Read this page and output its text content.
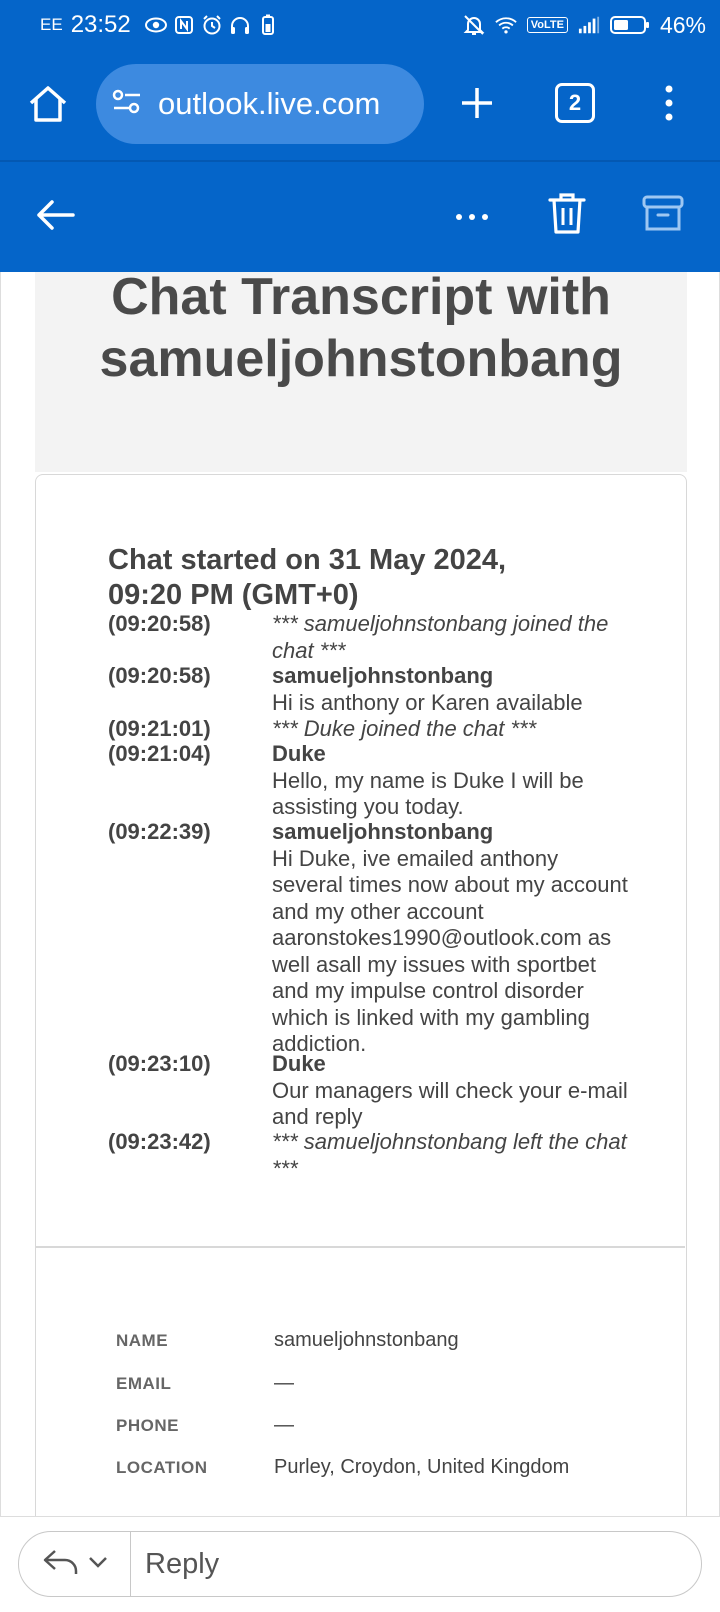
EE 23:52	VoLTE	46%
outlook.live.com	2
Chat Transcript with samueljohnstonbang
Chat started on 31 May 2024, 09:20 PM (GMT+0)
(09:20:58)	*** samueljohnstonbang joined the chat ***
(09:20:58)	samueljohnstonbang
Hi is anthony or Karen available
(09:21:01)	*** Duke joined the chat ***
(09:21:04)	Duke
Hello, my name is Duke I will be assisting you today.
(09:22:39)	samueljohnstonbang
Hi Duke, ive emailed anthony several times now about my account and my other account aaronstokes1990@outlook.com as well asall my issues with sportbet and my impulse control disorder which is linked with my gambling addiction.
(09:23:10)	Duke
Our managers will check your e-mail and reply
(09:23:42)	*** samueljohnstonbang left the chat ***
NAME	samueljohnstonbang
EMAIL	—
PHONE	—
LOCATION	Purley, Croydon, United Kingdom
Reply
